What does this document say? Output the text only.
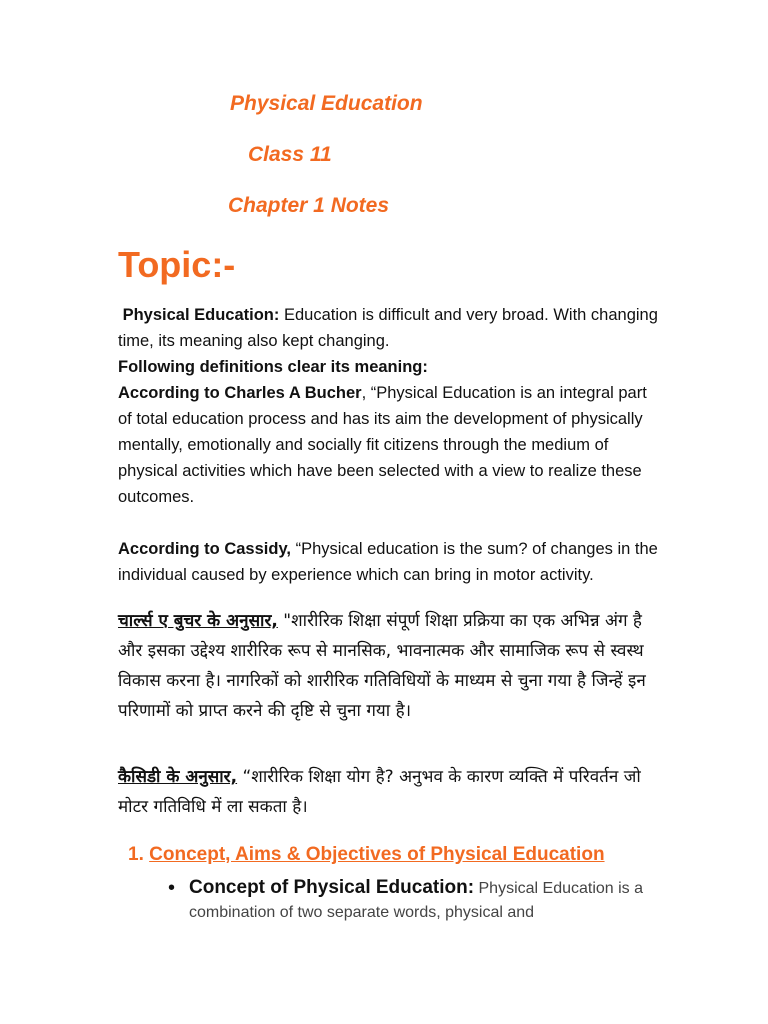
Physical Education

Class 11

Chapter 1 Notes

Topic:-

Physical Education: Education is difficult and very broad. With changing time, its meaning also kept changing.
Following definitions clear its meaning:
According to Charles A Bucher, “Physical Education is an integral part of total education process and has its aim the development of physically mentally, emotionally and socially fit citizens through the medium of physical activities which have been selected with a view to realize these outcomes.
According to Cassidy, “Physical education is the sum? of changes in the individual caused by experience which can bring in motor activity.
चार्ल्स ए बुचर के अनुसार, "शारीरिक शिक्षा संपूर्ण शिक्षा प्रक्रिया का एक अभिन्न अंग है और इसका उद्देश्य शारीरिक रूप से मानसिक, भावनात्मक और सामाजिक रूप से स्वस्थ विकास करना है। नागरिकों को शारीरिक गतिविधियों के माध्यम से चुना गया है जिन्हें इन परिणामों को प्राप्त करने की दृष्टि से चुना गया है।
कैसिडी के अनुसार, “शारीरिक शिक्षा योग है? अनुभव के कारण व्यक्ति में परिवर्तन जो मोटर गतिविधि में ला सकता है।

1. Concept, Aims & Objectives of Physical Education

• Concept of Physical Education: Physical Education is a combination of two separate words, physical and
